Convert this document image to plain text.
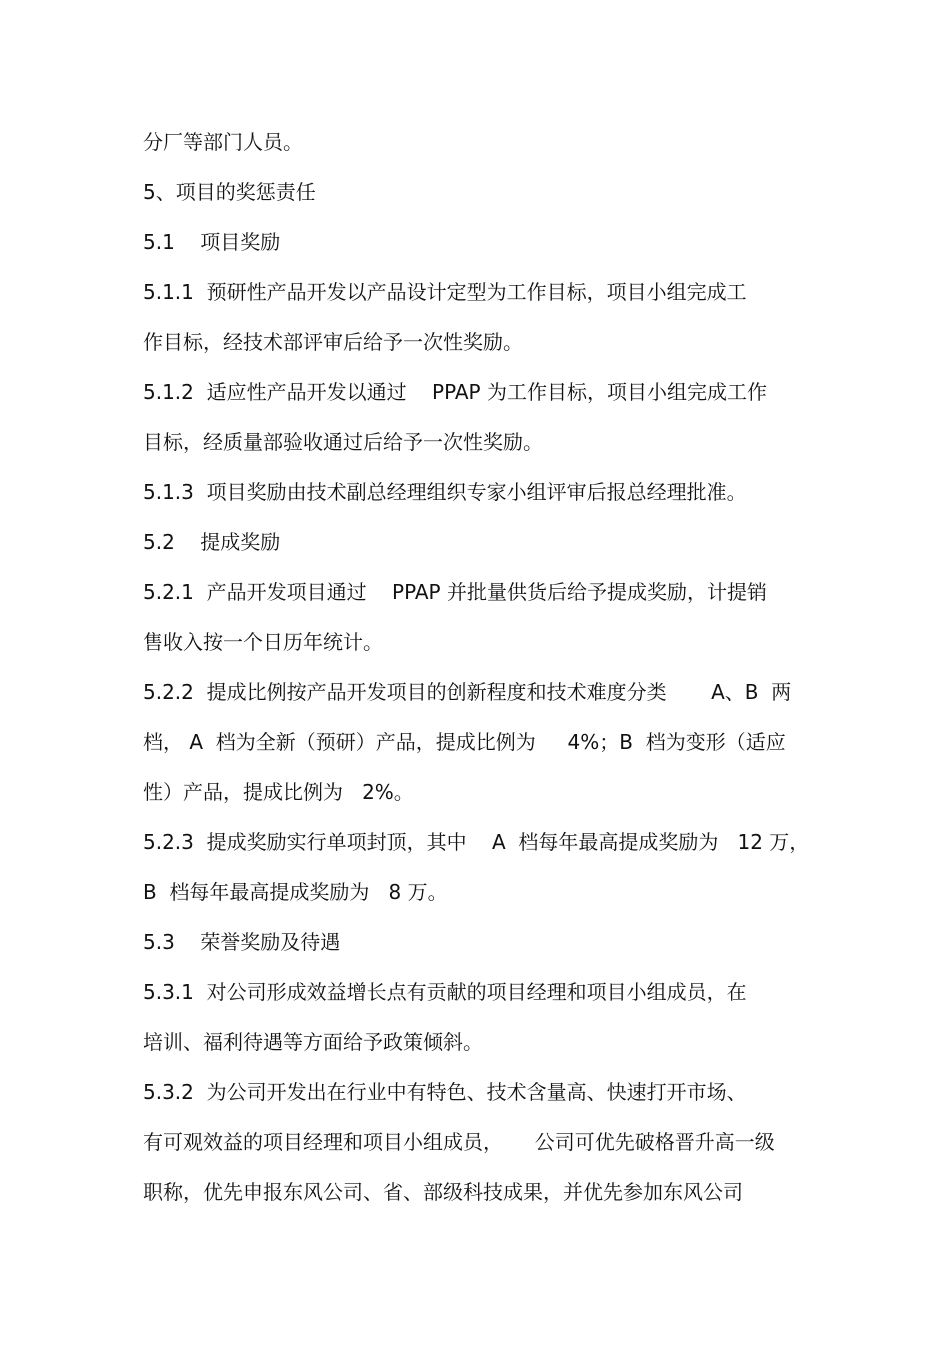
分厂等部门人员。

5、项目的奖惩责任

5.1    项目奖励

5.1.1  预研性产品开发以产品设计定型为工作目标，项目小组完成工

作目标，经技术部评审后给予一次性奖励。

5.1.2  适应性产品开发以通过    PPAP 为工作目标，项目小组完成工作

目标，经质量部验收通过后给予一次性奖励。

5.1.3  项目奖励由技术副总经理组织专家小组评审后报总经理批准。

5.2    提成奖励

5.2.1  产品开发项目通过    PPAP 并批量供货后给予提成奖励，计提销

售收入按一个日历年统计。

5.2.2  提成比例按产品开发项目的创新程度和技术难度分类       A、B  两

档， A  档为全新（预研）产品，提成比例为     4%；B  档为变形（适应

性）产品，提成比例为   2%。

5.2.3  提成奖励实行单项封顶，其中    A  档每年最高提成奖励为   12 万，

B  档每年最高提成奖励为   8 万。

5.3    荣誉奖励及待遇

5.3.1  对公司形成效益增长点有贡献的项目经理和项目小组成员，在

培训、福利待遇等方面给予政策倾斜。

5.3.2  为公司开发出在行业中有特色、技术含量高、快速打开市场、

有可观效益的项目经理和项目小组成员，     公司可优先破格晋升高一级

职称，优先申报东风公司、省、部级科技成果，并优先参加东风公司
